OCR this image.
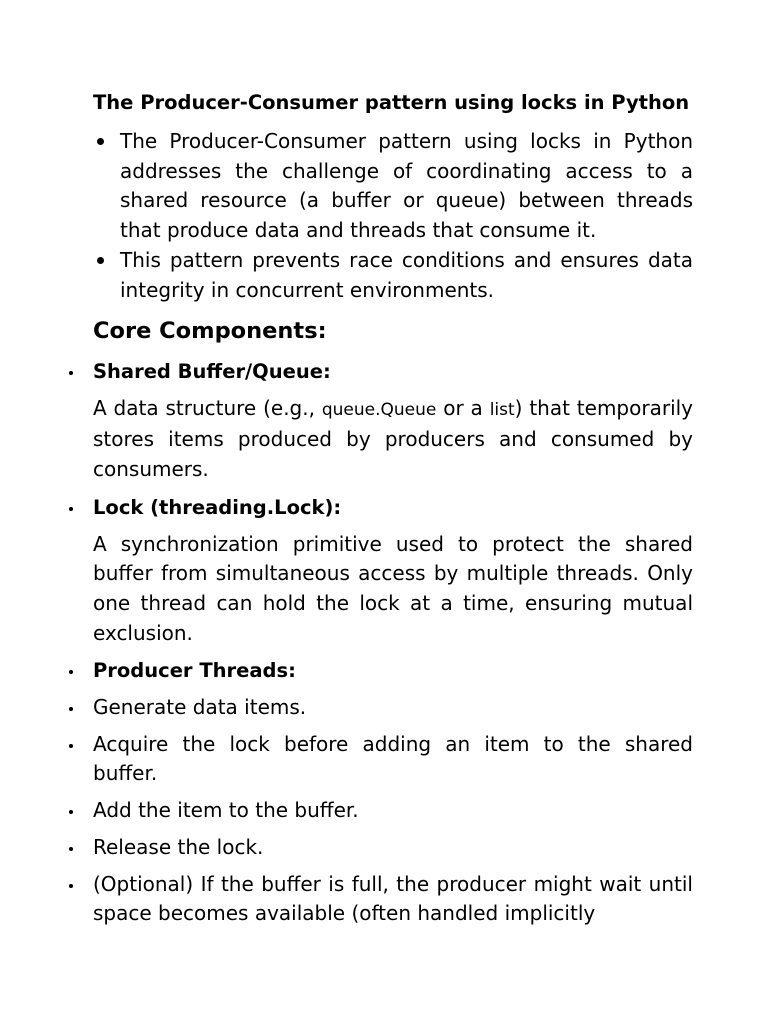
The Producer-Consumer pattern using locks in Python
The Producer-Consumer pattern using locks in Python addresses the challenge of coordinating access to a shared resource (a buffer or queue) between threads that produce data and threads that consume it.
This pattern prevents race conditions and ensures data integrity in concurrent environments.
Core Components:
Shared Buffer/Queue:
A data structure (e.g., queue.Queue or a list) that temporarily stores items produced by producers and consumed by consumers.
Lock (threading.Lock):
A synchronization primitive used to protect the shared buffer from simultaneous access by multiple threads. Only one thread can hold the lock at a time, ensuring mutual exclusion.
Producer Threads:
Generate data items.
Acquire the lock before adding an item to the shared buffer.
Add the item to the buffer.
Release the lock.
(Optional) If the buffer is full, the producer might wait until space becomes available (often handled implicitly
